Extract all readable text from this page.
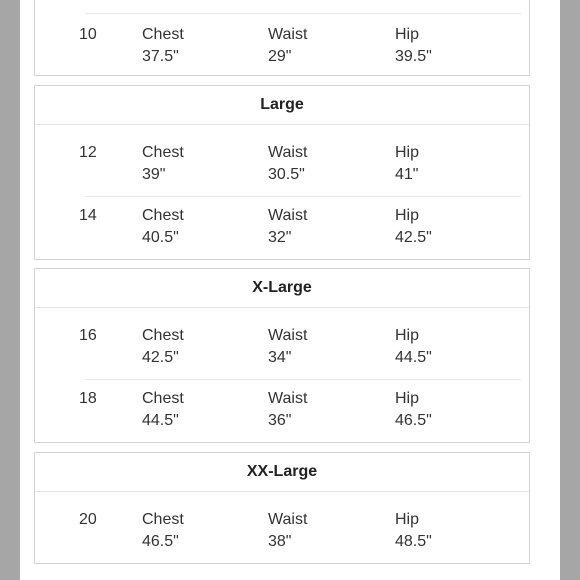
10	Chest
37.5"
Waist
29"
Hip
39.5"
Large
12	Chest
39"
Waist
30.5"
Hip
41"
14	Chest
40.5"
Waist
32"
Hip
42.5"
X-Large
16	Chest
42.5"
Waist
34"
Hip
44.5"
18	Chest
44.5"
Waist
36"
Hip
46.5"
XX-Large
20	Chest
46.5"
Waist
38"
Hip
48.5"
